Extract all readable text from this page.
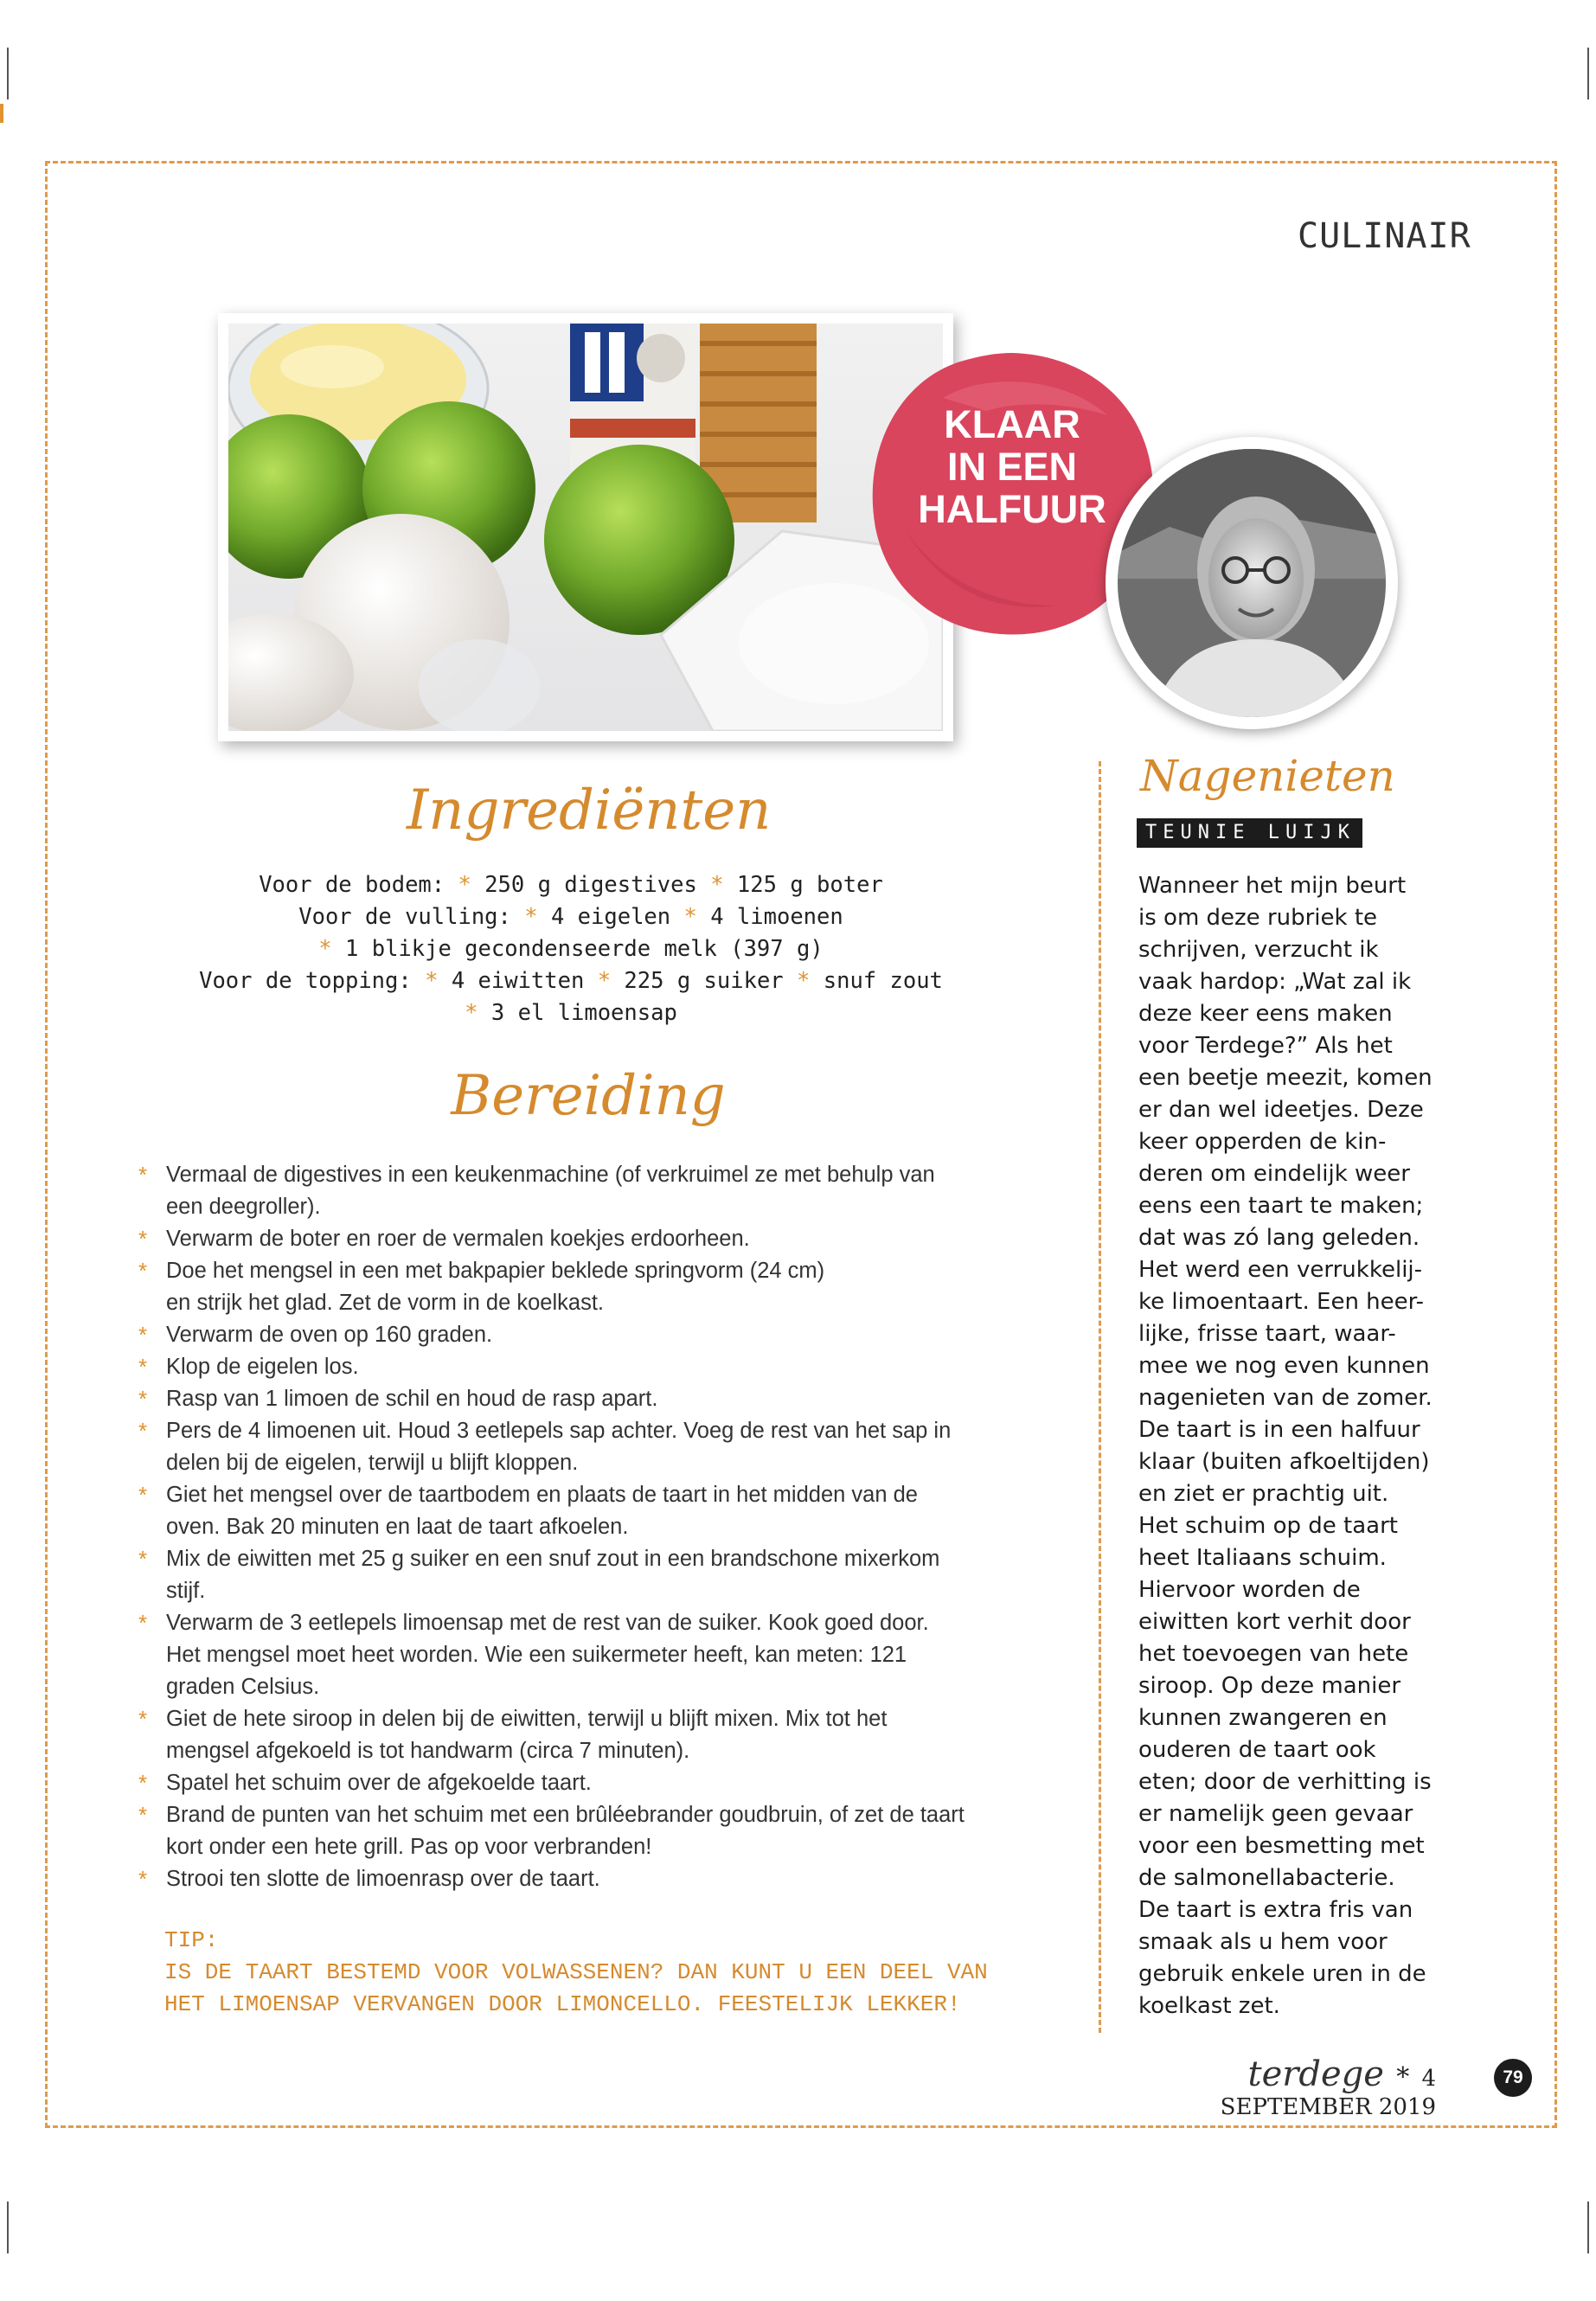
CULINAIR
KLAAR
IN EEN
HALFUUR
Ingrediënten
Voor de bodem: * 250 g digestives * 125 g boter
Voor de vulling: * 4 eigelen * 4 limoenen
* 1 blikje gecondenseerde melk (397 g)
Voor de topping: * 4 eiwitten * 225 g suiker * snuf zout
* 3 el limoensap
Bereiding
* Vermaal de digestives in een keukenmachine (of verkruimel ze met behulp van
een deegroller).
* Verwarm de boter en roer de vermalen koekjes erdoorheen.
* Doe het mengsel in een met bakpapier beklede springvorm (24 cm)
en strijk het glad. Zet de vorm in de koelkast.
* Verwarm de oven op 160 graden.
* Klop de eigelen los.
* Rasp van 1 limoen de schil en houd de rasp apart.
* Pers de 4 limoenen uit. Houd 3 eetlepels sap achter. Voeg de rest van het sap in
delen bij de eigelen, terwijl u blijft kloppen.
* Giet het mengsel over de taartbodem en plaats de taart in het midden van de
oven. Bak 20 minuten en laat de taart afkoelen.
* Mix de eiwitten met 25 g suiker en een snuf zout in een brandschone mixerkom
stijf.
* Verwarm de 3 eetlepels limoensap met de rest van de suiker. Kook goed door.
Het mengsel moet heet worden. Wie een suikermeter heeft, kan meten: 121
graden Celsius.
* Giet de hete siroop in delen bij de eiwitten, terwijl u blijft mixen. Mix tot het
mengsel afgekoeld is tot handwarm (circa 7 minuten).
* Spatel het schuim over de afgekoelde taart.
* Brand de punten van het schuim met een brûléebrander goudbruin, of zet de taart
kort onder een hete grill. Pas op voor verbranden!
* Strooi ten slotte de limoenrasp over de taart.
TIP:
IS DE TAART BESTEMD VOOR VOLWASSENEN? DAN KUNT U EEN DEEL VAN
HET LIMOENSAP VERVANGEN DOOR LIMONCELLO. FEESTELIJK LEKKER!
Nagenieten
TEUNIE LUIJK
Wanneer het mijn beurt
is om deze rubriek te
schrijven, verzucht ik
vaak hardop: „Wat zal ik
deze keer eens maken
voor Terdege?” Als het
een beetje meezit, komen
er dan wel ideetjes. Deze
keer opperden de kin-
deren om eindelijk weer
eens een taart te maken;
dat was zó lang geleden.
Het werd een verrukkelij-
ke limoentaart. Een heer-
lijke, frisse taart, waar-
mee we nog even kunnen
nagenieten van de zomer.
De taart is in een halfuur
klaar (buiten afkoeltijden)
en ziet er prachtig uit.
Het schuim op de taart
heet Italiaans schuim.
Hiervoor worden de
eiwitten kort verhit door
het toevoegen van hete
siroop. Op deze manier
kunnen zwangeren en
ouderen de taart ook
eten; door de verhitting is
er namelijk geen gevaar
voor een besmetting met
de salmonellabacterie.
De taart is extra fris van
smaak als u hem voor
gebruik enkele uren in de
koelkast zet.
terdege * 4 SEPTEMBER 2019
79
